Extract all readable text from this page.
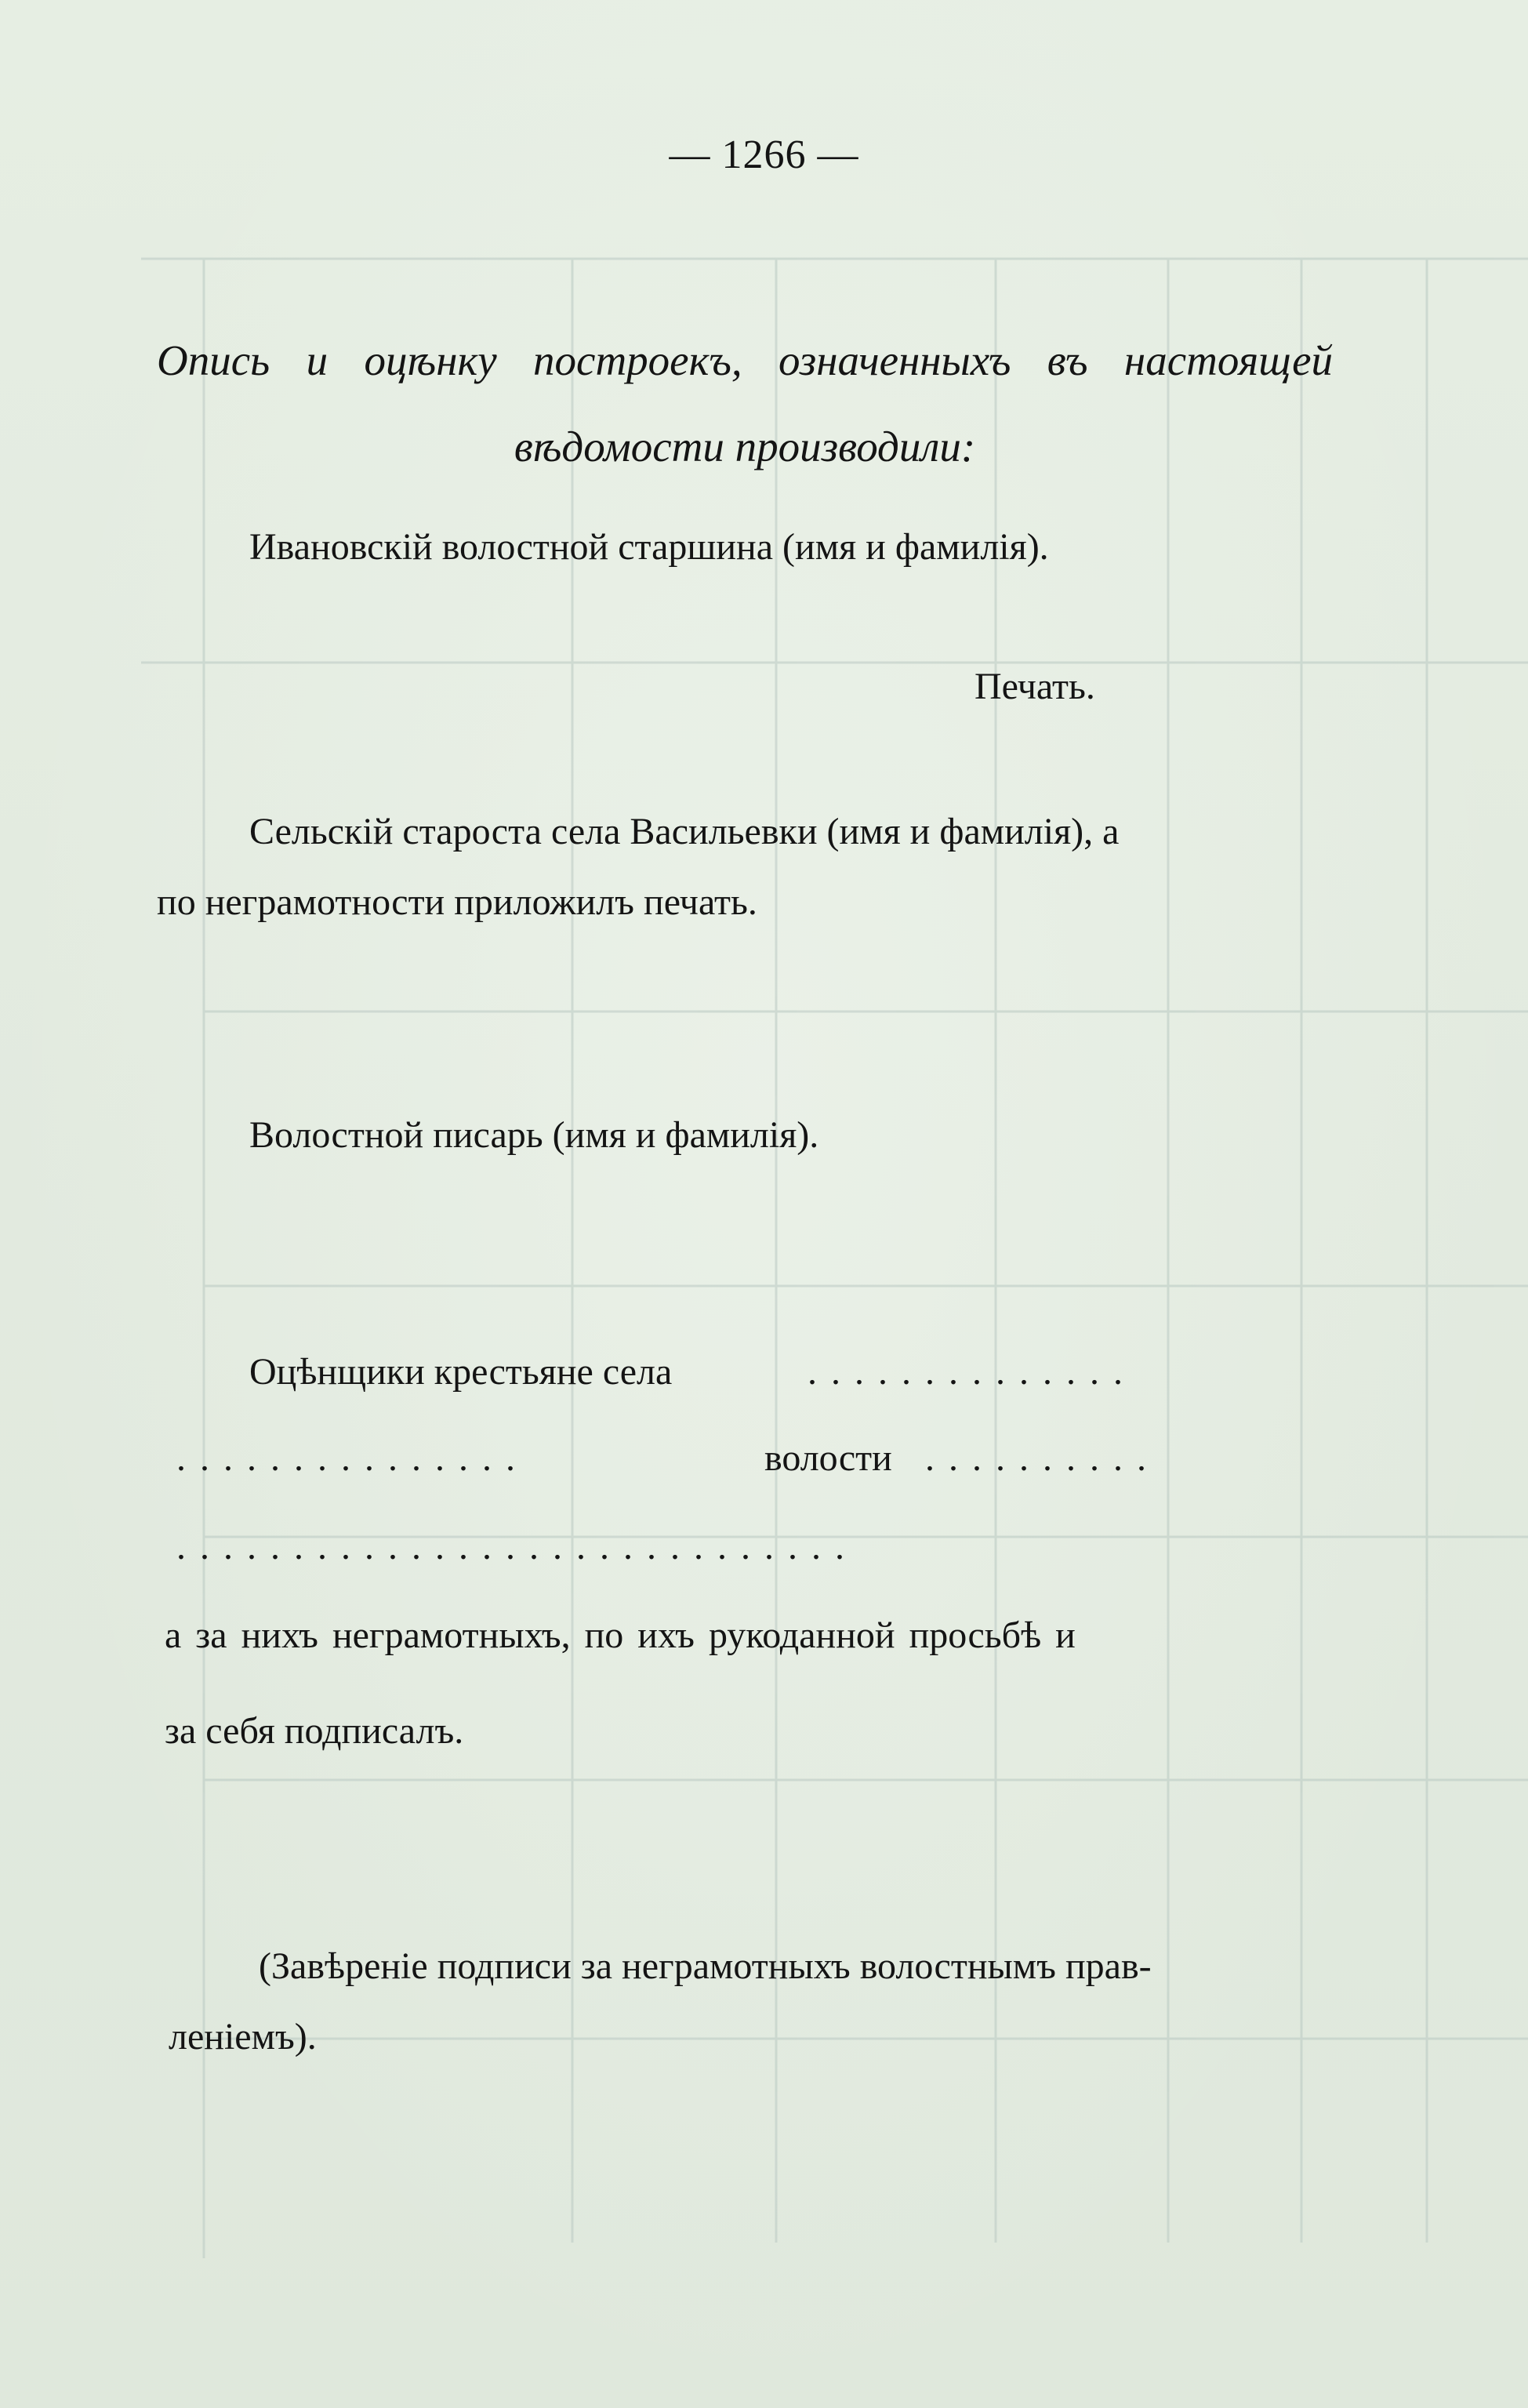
— 1266 —
Опись и оцѣнку построекъ, означенныхъ въ настоящей вѣдомости производили:
Ивановскій волостной старшина (имя и фамилія).
Печать.
Сельскій староста села Васильевки (имя и фамилія), а
по неграмотности приложилъ печать.
Волостной писарь (имя и фамилія).
Оцѣнщики крестьяне села	..............
...............	волости ..........
.............................
а за нихъ неграмотныхъ, по ихъ рукоданной просьбѣ и
за себя подписалъ.
(Завѣреніе подписи за неграмотныхъ волостнымъ прав-
леніемъ).
